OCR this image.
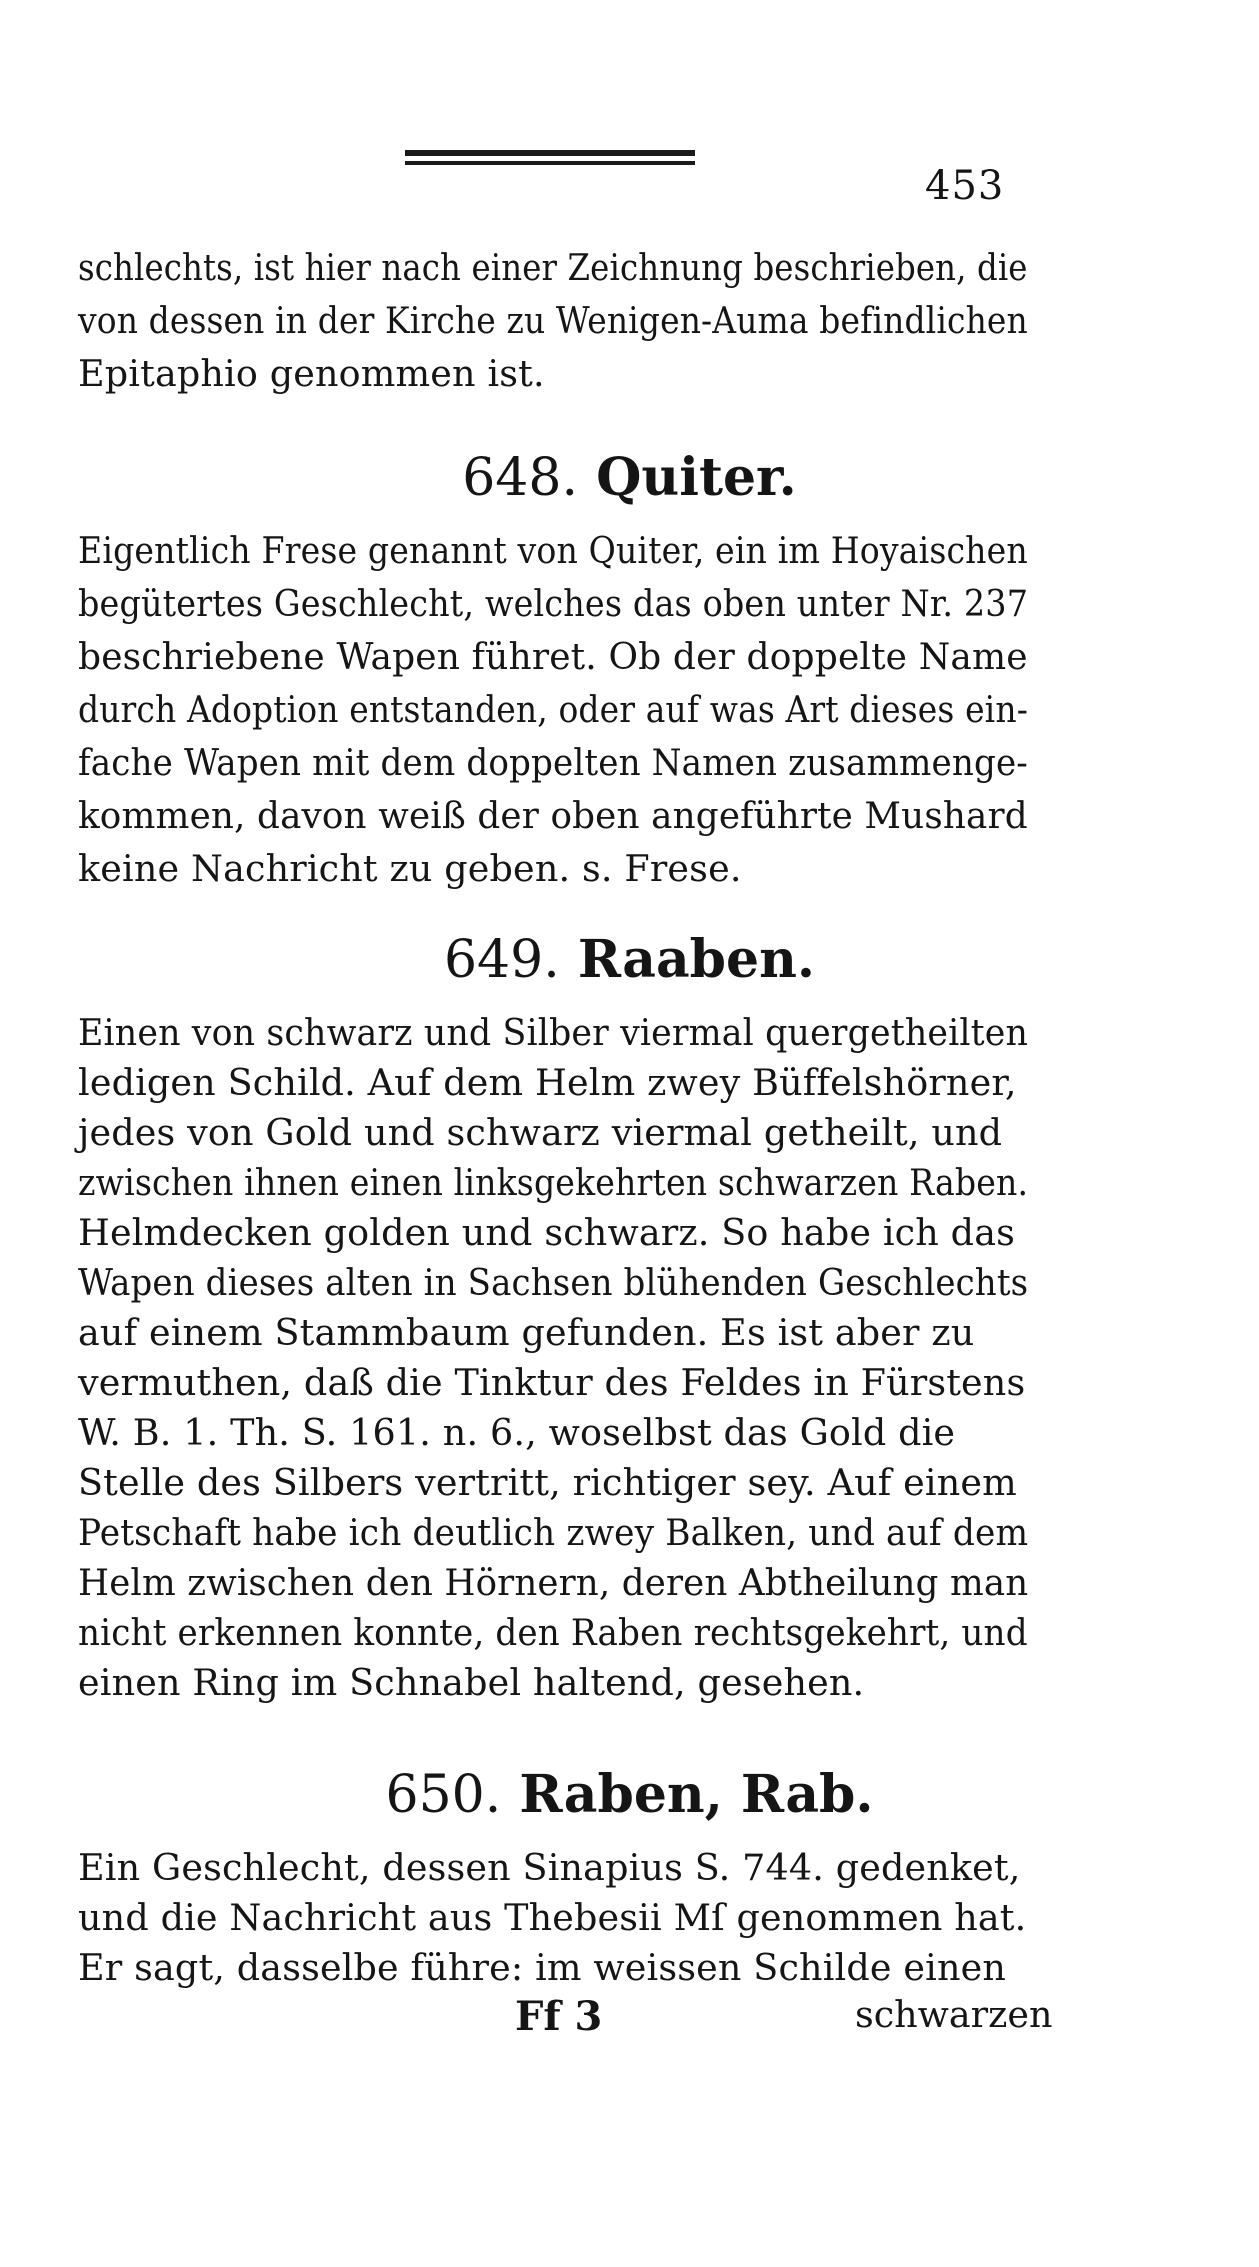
453
schlechts, ist hier nach einer Zeichnung beschrieben, die
von dessen in der Kirche zu Wenigen-Auma befindlichen
Epitaphio genommen ist.
648. Quiter.
Eigentlich Frese genannt von Quiter, ein im Hoyaischen
begütertes Geschlecht, welches das oben unter Nr. 237
beschriebene Wapen führet. Ob der doppelte Name
durch Adoption entstanden, oder auf was Art dieses ein-
fache Wapen mit dem doppelten Namen zusammenge-
kommen, davon weiß der oben angeführte Mushard
keine Nachricht zu geben. s. Frese.
649. Raaben.
Einen von schwarz und Silber viermal quergetheilten
ledigen Schild. Auf dem Helm zwey Büffelshörner,
jedes von Gold und schwarz viermal getheilt, und
zwischen ihnen einen linksgekehrten schwarzen Raben.
Helmdecken golden und schwarz. So habe ich das
Wapen dieses alten in Sachsen blühenden Geschlechts
auf einem Stammbaum gefunden. Es ist aber zu
vermuthen, daß die Tinktur des Feldes in Fürstens
W. B. 1. Th. S. 161. n. 6., woselbst das Gold die
Stelle des Silbers vertritt, richtiger sey. Auf einem
Petschaft habe ich deutlich zwey Balken, und auf dem
Helm zwischen den Hörnern, deren Abtheilung man
nicht erkennen konnte, den Raben rechtsgekehrt, und
einen Ring im Schnabel haltend, gesehen.
650. Raben, Rab.
Ein Geschlecht, dessen Sinapius S. 744. gedenket,
und die Nachricht aus Thebesii Mſ genommen hat.
Er sagt, dasselbe führe: im weissen Schilde einen
Ff 3	schwarzen
